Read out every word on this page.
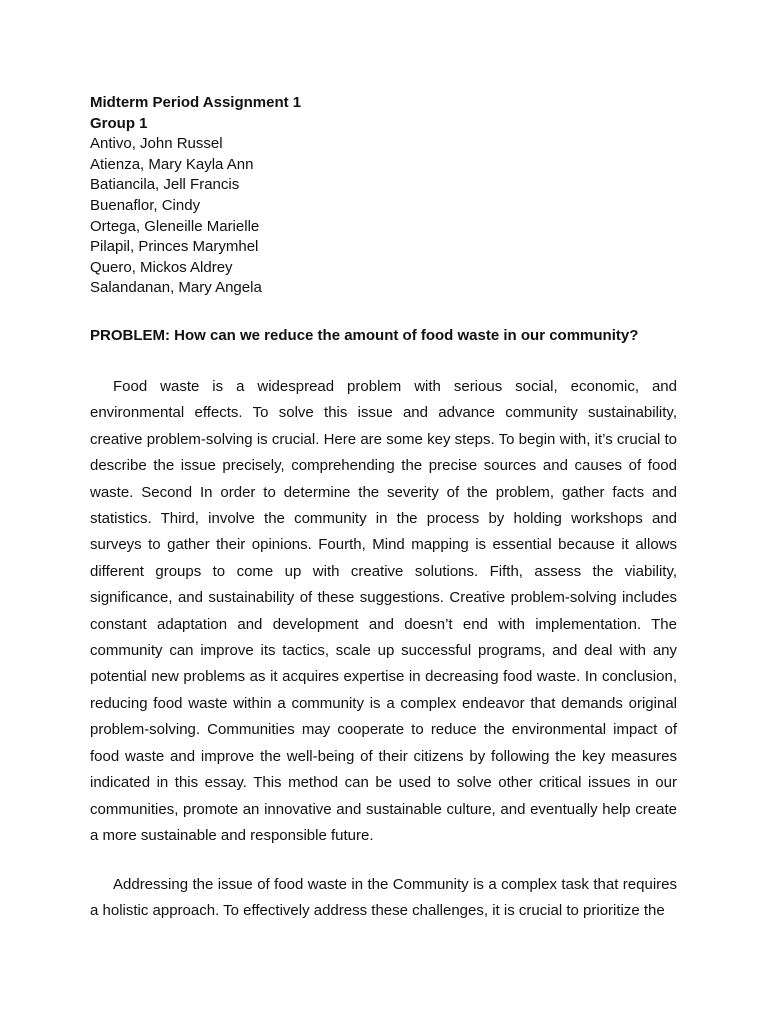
Midterm Period Assignment 1

Group 1

Antivo, John Russel

Atienza, Mary Kayla Ann

Batiancila, Jell Francis

Buenaflor, Cindy

Ortega, Gleneille Marielle

Pilapil, Princes Marymhel

Quero, Mickos Aldrey

Salandanan, Mary Angela

PROBLEM: How can we reduce the amount of food waste in our community?

Food waste is a widespread problem with serious social, economic, and environmental effects. To solve this issue and advance community sustainability, creative problem-solving is crucial. Here are some key steps. To begin with, it’s crucial to describe the issue precisely, comprehending the precise sources and causes of food waste. Second In order to determine the severity of the problem, gather facts and statistics. Third, involve the community in the process by holding workshops and surveys to gather their opinions. Fourth, Mind mapping is essential because it allows different groups to come up with creative solutions. Fifth, assess the viability, significance, and sustainability of these suggestions. Creative problem-solving includes constant adaptation and development and doesn’t end with implementation. The community can improve its tactics, scale up successful programs, and deal with any potential new problems as it acquires expertise in decreasing food waste. In conclusion, reducing food waste within a community is a complex endeavor that demands original problem-solving. Communities may cooperate to reduce the environmental impact of food waste and improve the well-being of their citizens by following the key measures indicated in this essay. This method can be used to solve other critical issues in our communities, promote an innovative and sustainable culture, and eventually help create a more sustainable and responsible future.

Addressing the issue of food waste in the Community is a complex task that requires a holistic approach. To effectively address these challenges, it is crucial to prioritize the
